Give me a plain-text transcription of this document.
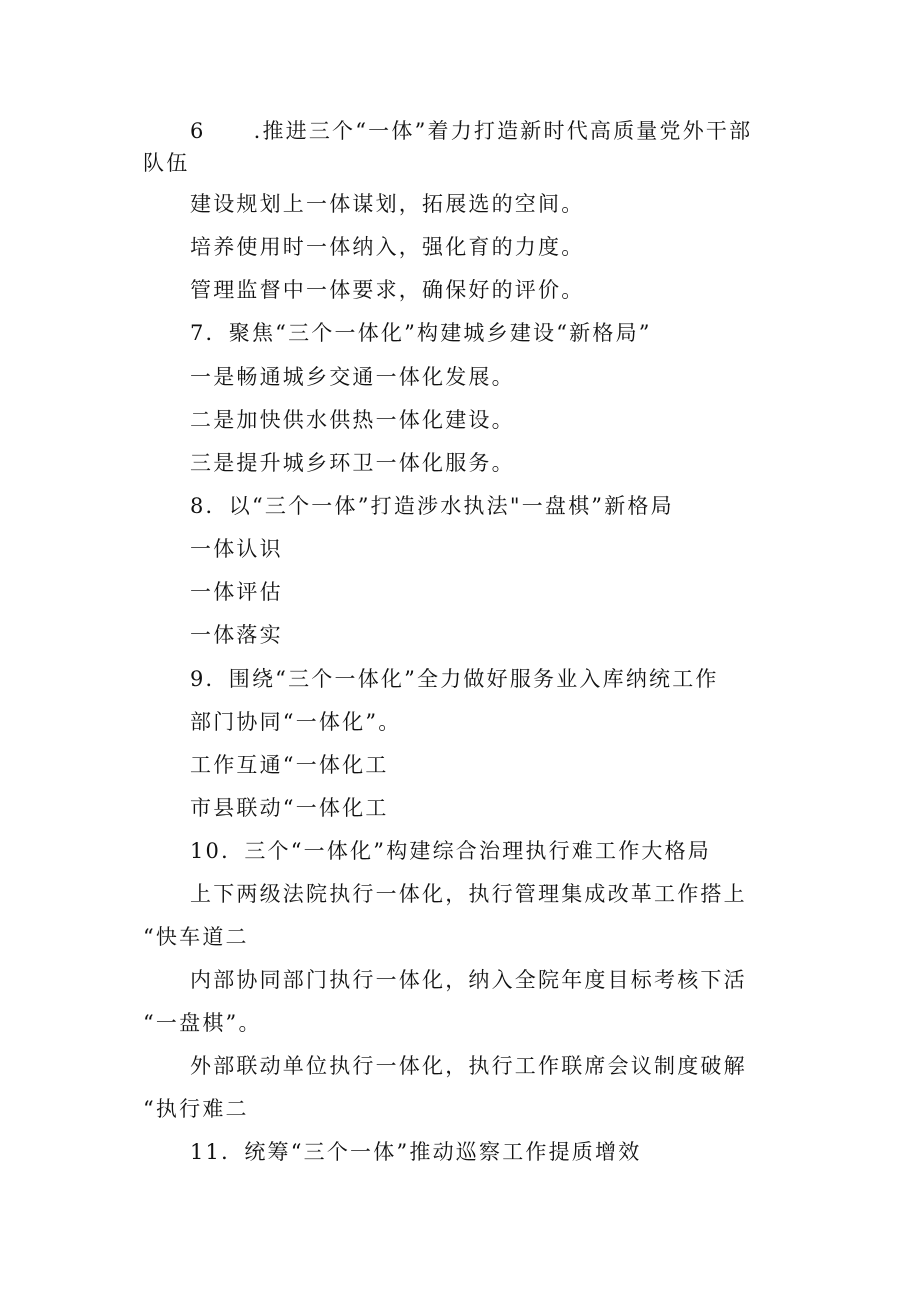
6 .推进三个“一体”着力打造新时代高质量党外干部
队伍
建设规划上一体谋划，拓展选的空间。
培养使用时一体纳入，强化育的力度。
管理监督中一体要求，确保好的评价。
7．聚焦“三个一体化”构建城乡建设“新格局”
一是畅通城乡交通一体化发展。
二是加快供水供热一体化建设。
三是提升城乡环卫一体化服务。
8．以“三个一体”打造涉水执法"一盘棋”新格局
一体认识
一体评估
一体落实
9．围绕“三个一体化”全力做好服务业入库纳统工作
部门协同“一体化”。
工作互通“一体化工
市县联动“一体化工
10．三个“一体化”构建综合治理执行难工作大格局
上下两级法院执行一体化，执行管理集成改革工作搭上
“快车道二
内部协同部门执行一体化，纳入全院年度目标考核下活
“一盘棋”。
外部联动单位执行一体化，执行工作联席会议制度破解
“执行难二
11．统筹“三个一体”推动巡察工作提质增效
